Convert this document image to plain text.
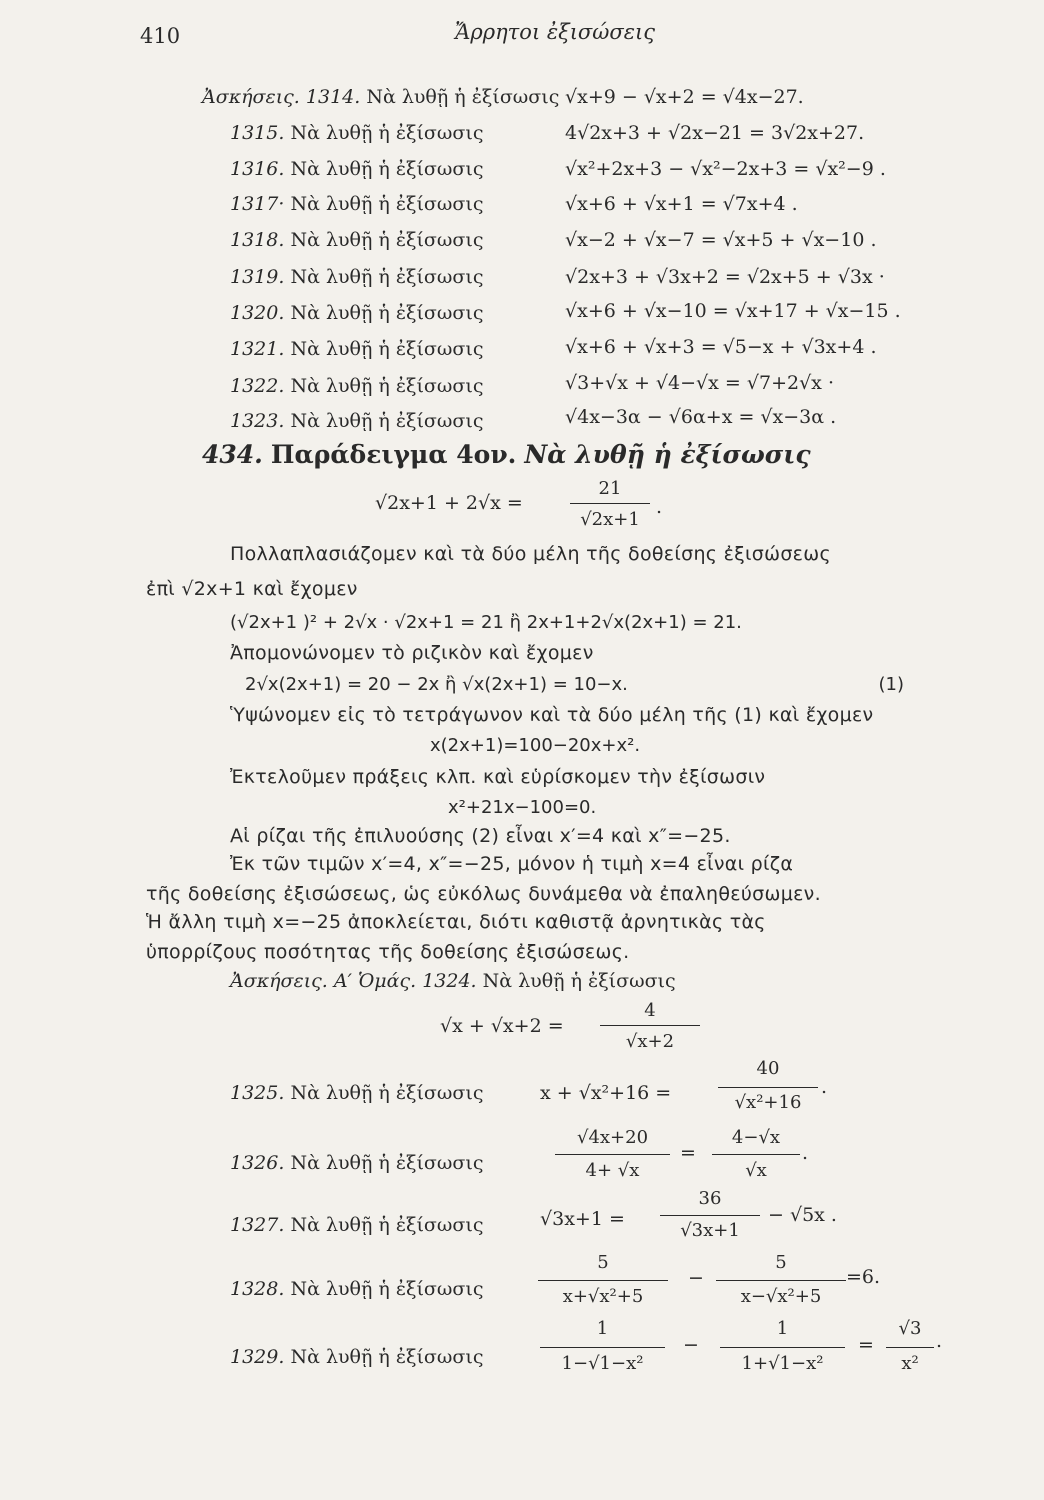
410	Ἄρρητοι ἐξισώσεις
Ἀσκήσεις. 1314. Νὰ λυθῇ ἡ ἐξίσωσις √x+9 − √x+2 = √4x−27.
1315. Νὰ λυθῇ ἡ ἐξίσωσις	4√2x+3 + √2x−21 = 3√2x+27.
1316. Νὰ λυθῇ ἡ ἐξίσωσις	√x²+2x+3 − √x²−2x+3 = √x²−9 .
1317· Νὰ λυθῇ ἡ ἐξίσωσις	√x+6 + √x+1 = √7x+4 .
1318. Νὰ λυθῇ ἡ ἐξίσωσις	√x−2 + √x−7 = √x+5 + √x−10 .
1319. Νὰ λυθῇ ἡ ἐξίσωσις	√2x+3 + √3x+2 = √2x+5 + √3x ·
1320. Νὰ λυθῇ ἡ ἐξίσωσις	√x+6 + √x−10 = √x+17 + √x−15 .
1321. Νὰ λυθῇ ἡ ἐξίσωσις	√x+6 + √x+3 = √5−x + √3x+4 .
1322. Νὰ λυθῇ ἡ ἐξίσωσις	√3+√x + √4−√x = √7+2√x ·
1323. Νὰ λυθῇ ἡ ἐξίσωσις	√4x−3α − √6α+x = √x−3α .
434. Παράδειγμα 4ον. Νὰ λυθῇ ἡ ἐξίσωσις
√2x+1 + 2√x =
21
√2x+1
.
Πολλαπλασιάζομεν καὶ τὰ δύο μέλη τῆς δοθείσης ἐξισώσεως
ἐπὶ √2x+1 καὶ ἔχομεν
(√2x+1 )² + 2√x · √2x+1 = 21 ἢ 2x+1+2√x(2x+1) = 21.
Ἀπομονώνομεν τὸ ριζικὸν καὶ ἔχομεν
2√x(2x+1) = 20 − 2x ἢ √x(2x+1) = 10−x.	(1)
Ὑψώνομεν εἰς τὸ τετράγωνον καὶ τὰ δύο μέλη τῆς (1) καὶ ἔχομεν
x(2x+1)=100−20x+x².
Ἐκτελοῦμεν πράξεις κλπ. καὶ εὑρίσκομεν τὴν ἐξίσωσιν
x²+21x−100=0.
Αἱ ρίζαι τῆς ἐπιλυούσης (2) εἶναι x′=4 καὶ x″=−25.
Ἐκ τῶν τιμῶν x′=4, x″=−25, μόνον ἡ τιμὴ x=4 εἶναι ρίζα
τῆς δοθείσης ἐξισώσεως, ὡς εὐκόλως δυνάμεθα νὰ ἐπαληθεύσωμεν.
Ἡ ἄλλη τιμὴ x=−25 ἀποκλείεται, διότι καθιστᾷ ἀρνητικὰς τὰς
ὑπορρίζους ποσότητας τῆς δοθείσης ἐξισώσεως.
Ἀσκήσεις. Α′ Ὁμάς. 1324. Νὰ λυθῇ ἡ ἐξίσωσις
√x + √x+2 =
4
√x+2
1325. Νὰ λυθῇ ἡ ἐξίσωσις	x + √x²+16 =
40
√x²+16
.
1326. Νὰ λυθῇ ἡ ἐξίσωσις
√4x+20
4+ √x
=
4−√x
√x
.
1327. Νὰ λυθῇ ἡ ἐξίσωσις	√3x+1 =
36
√3x+1
− √5x .
1328. Νὰ λυθῇ ἡ ἐξίσωσις
5
x+√x²+5
−
5
x−√x²+5
=6.
1329. Νὰ λυθῇ ἡ ἐξίσωσις
1
1−√1−x²
−
1
1+√1−x²
=
√3
x²
.
